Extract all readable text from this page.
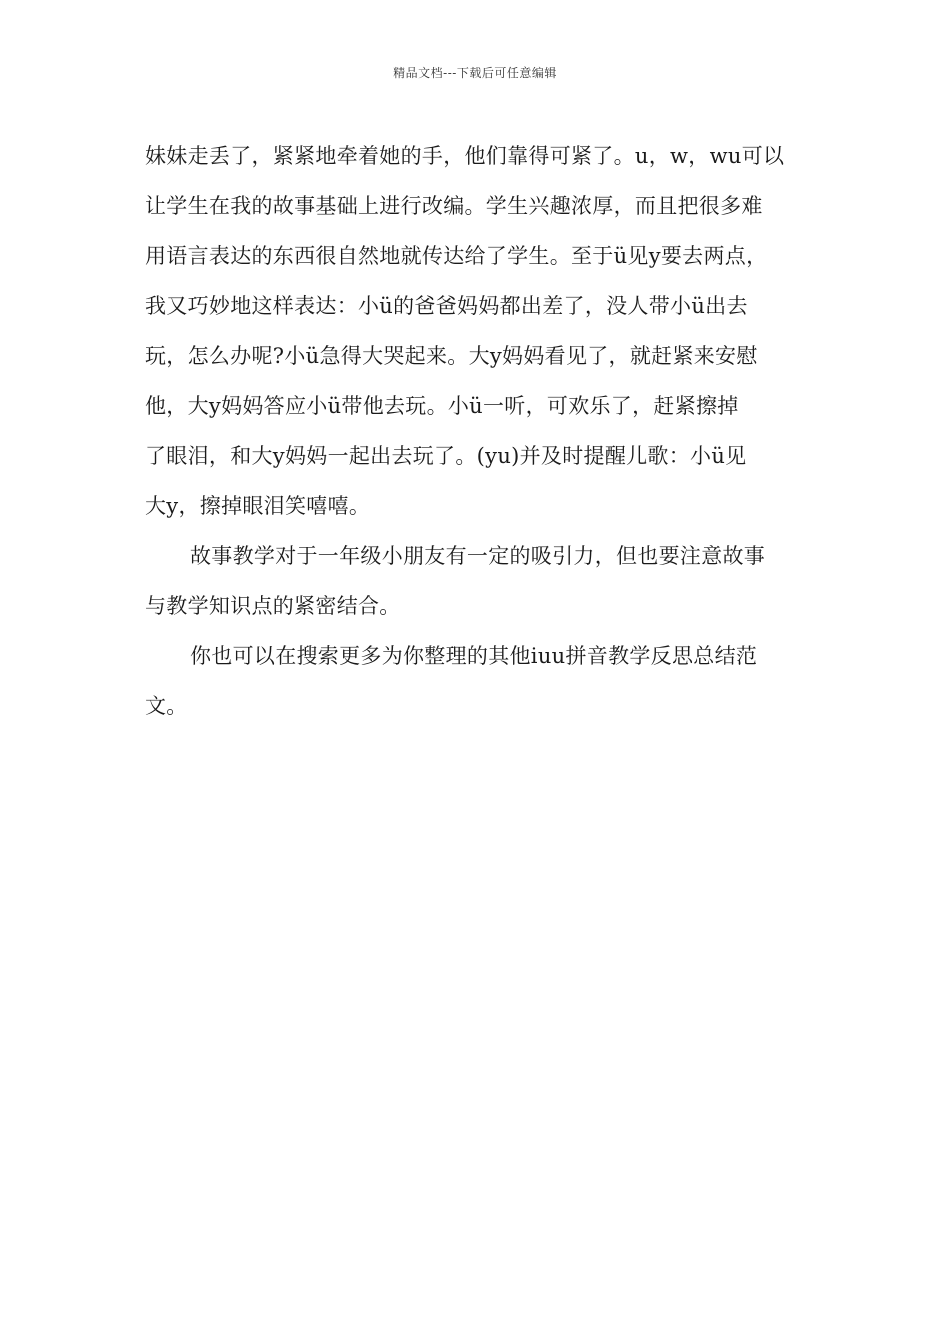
精品文档---下载后可任意编辑
妹妹走丢了，紧紧地牵着她的手，他们靠得可紧了。u，w，wu可以
让学生在我的故事基础上进行改编。学生兴趣浓厚，而且把很多难
用语言表达的东西很自然地就传达给了学生。至于ü见y要去两点，
我又巧妙地这样表达：小ü的爸爸妈妈都出差了，没人带小ü出去
玩，怎么办呢?小ü急得大哭起来。大y妈妈看见了，就赶紧来安慰
他，大y妈妈答应小ü带他去玩。小ü一听，可欢乐了，赶紧擦掉
了眼泪，和大y妈妈一起出去玩了。(yu)并及时提醒儿歌：小ü见
大y，擦掉眼泪笑嘻嘻。
故事教学对于一年级小朋友有一定的吸引力，但也要注意故事
与教学知识点的紧密结合。
你也可以在搜索更多为你整理的其他iuu拼音教学反思总结范
文。
